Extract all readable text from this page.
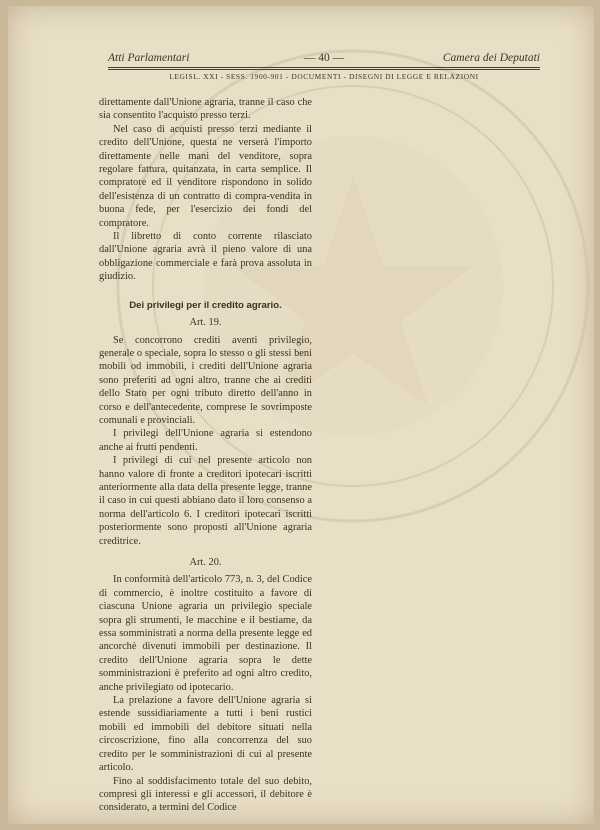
Atti Parlamentari	— 40 —	Camera dei Deputati
LEGISL. XXI - SESS. 1900-901 - DOCUMENTI - DISEGNI DI LEGGE E RELAZIONI

direttamente dall'Unione agraria, tranne il caso che sia consentito l'acquisto presso terzi.

Nel caso di acquisti presso terzi mediante il credito dell'Unione, questa ne verserà l'importo direttamente nelle mani del venditore, sopra regolare fattura, quitanzata, in carta semplice. Il compratore ed il venditore rispondono in solido dell'esistenza di un contratto di compra-vendita in buona fede, per l'esercizio dei fondi del compratore.

Il libretto di conto corrente rilasciato dall'Unione agraria avrà il pieno valore di una obbligazione commerciale e farà prova assoluta in giudizio.

Dei privilegi per il credito agrario.

Art. 19.

Se concorrono crediti aventi privilegio, generale o speciale, sopra lo stesso o gli stessi beni mobili od immobili, i crediti dell'Unione agraria sono preferiti ad ogni altro, tranne che ai crediti dello Stato per ogni tributo diretto dell'anno in corso e dell'antecedente, comprese le sovrimposte comunali e provinciali.

I privilegi dell'Unione agraria si estendono anche ai frutti pendenti.

I privilegi di cui nel presente articolo non hanno valore di fronte a creditori ipotecari iscritti anteriormente alla data della presente legge, tranne il caso in cui questi abbiano dato il loro consenso a norma dell'articolo 6. I creditori ipotecari iscritti posteriormente sono proposti all'Unione agraria creditrice.

Art. 20.

In conformità dell'articolo 773, n. 3, del Codice di commercio, è inoltre costituito a favore di ciascuna Unione agraria un privilegio speciale sopra gli strumenti, le macchine e il bestiame, da essa somministrati a norma della presente legge ed ancorchè divenuti immobili per destinazione. Il credito dell'Unione agraria sopra le dette somministrazioni è preferito ad ogni altro credito, anche privilegiato od ipotecario.

La prelazione a favore dell'Unione agraria si estende sussidiariamente a tutti i beni rustici mobili ed immobili del debitore situati nella circoscrizione, fino alla concorrenza del suo credito per le somministrazioni di cui al presente articolo.

Fino al soddisfacimento totale del suo debito, compresi gli interessi e gli accessori, il debitore è considerato, a termini del Codice
